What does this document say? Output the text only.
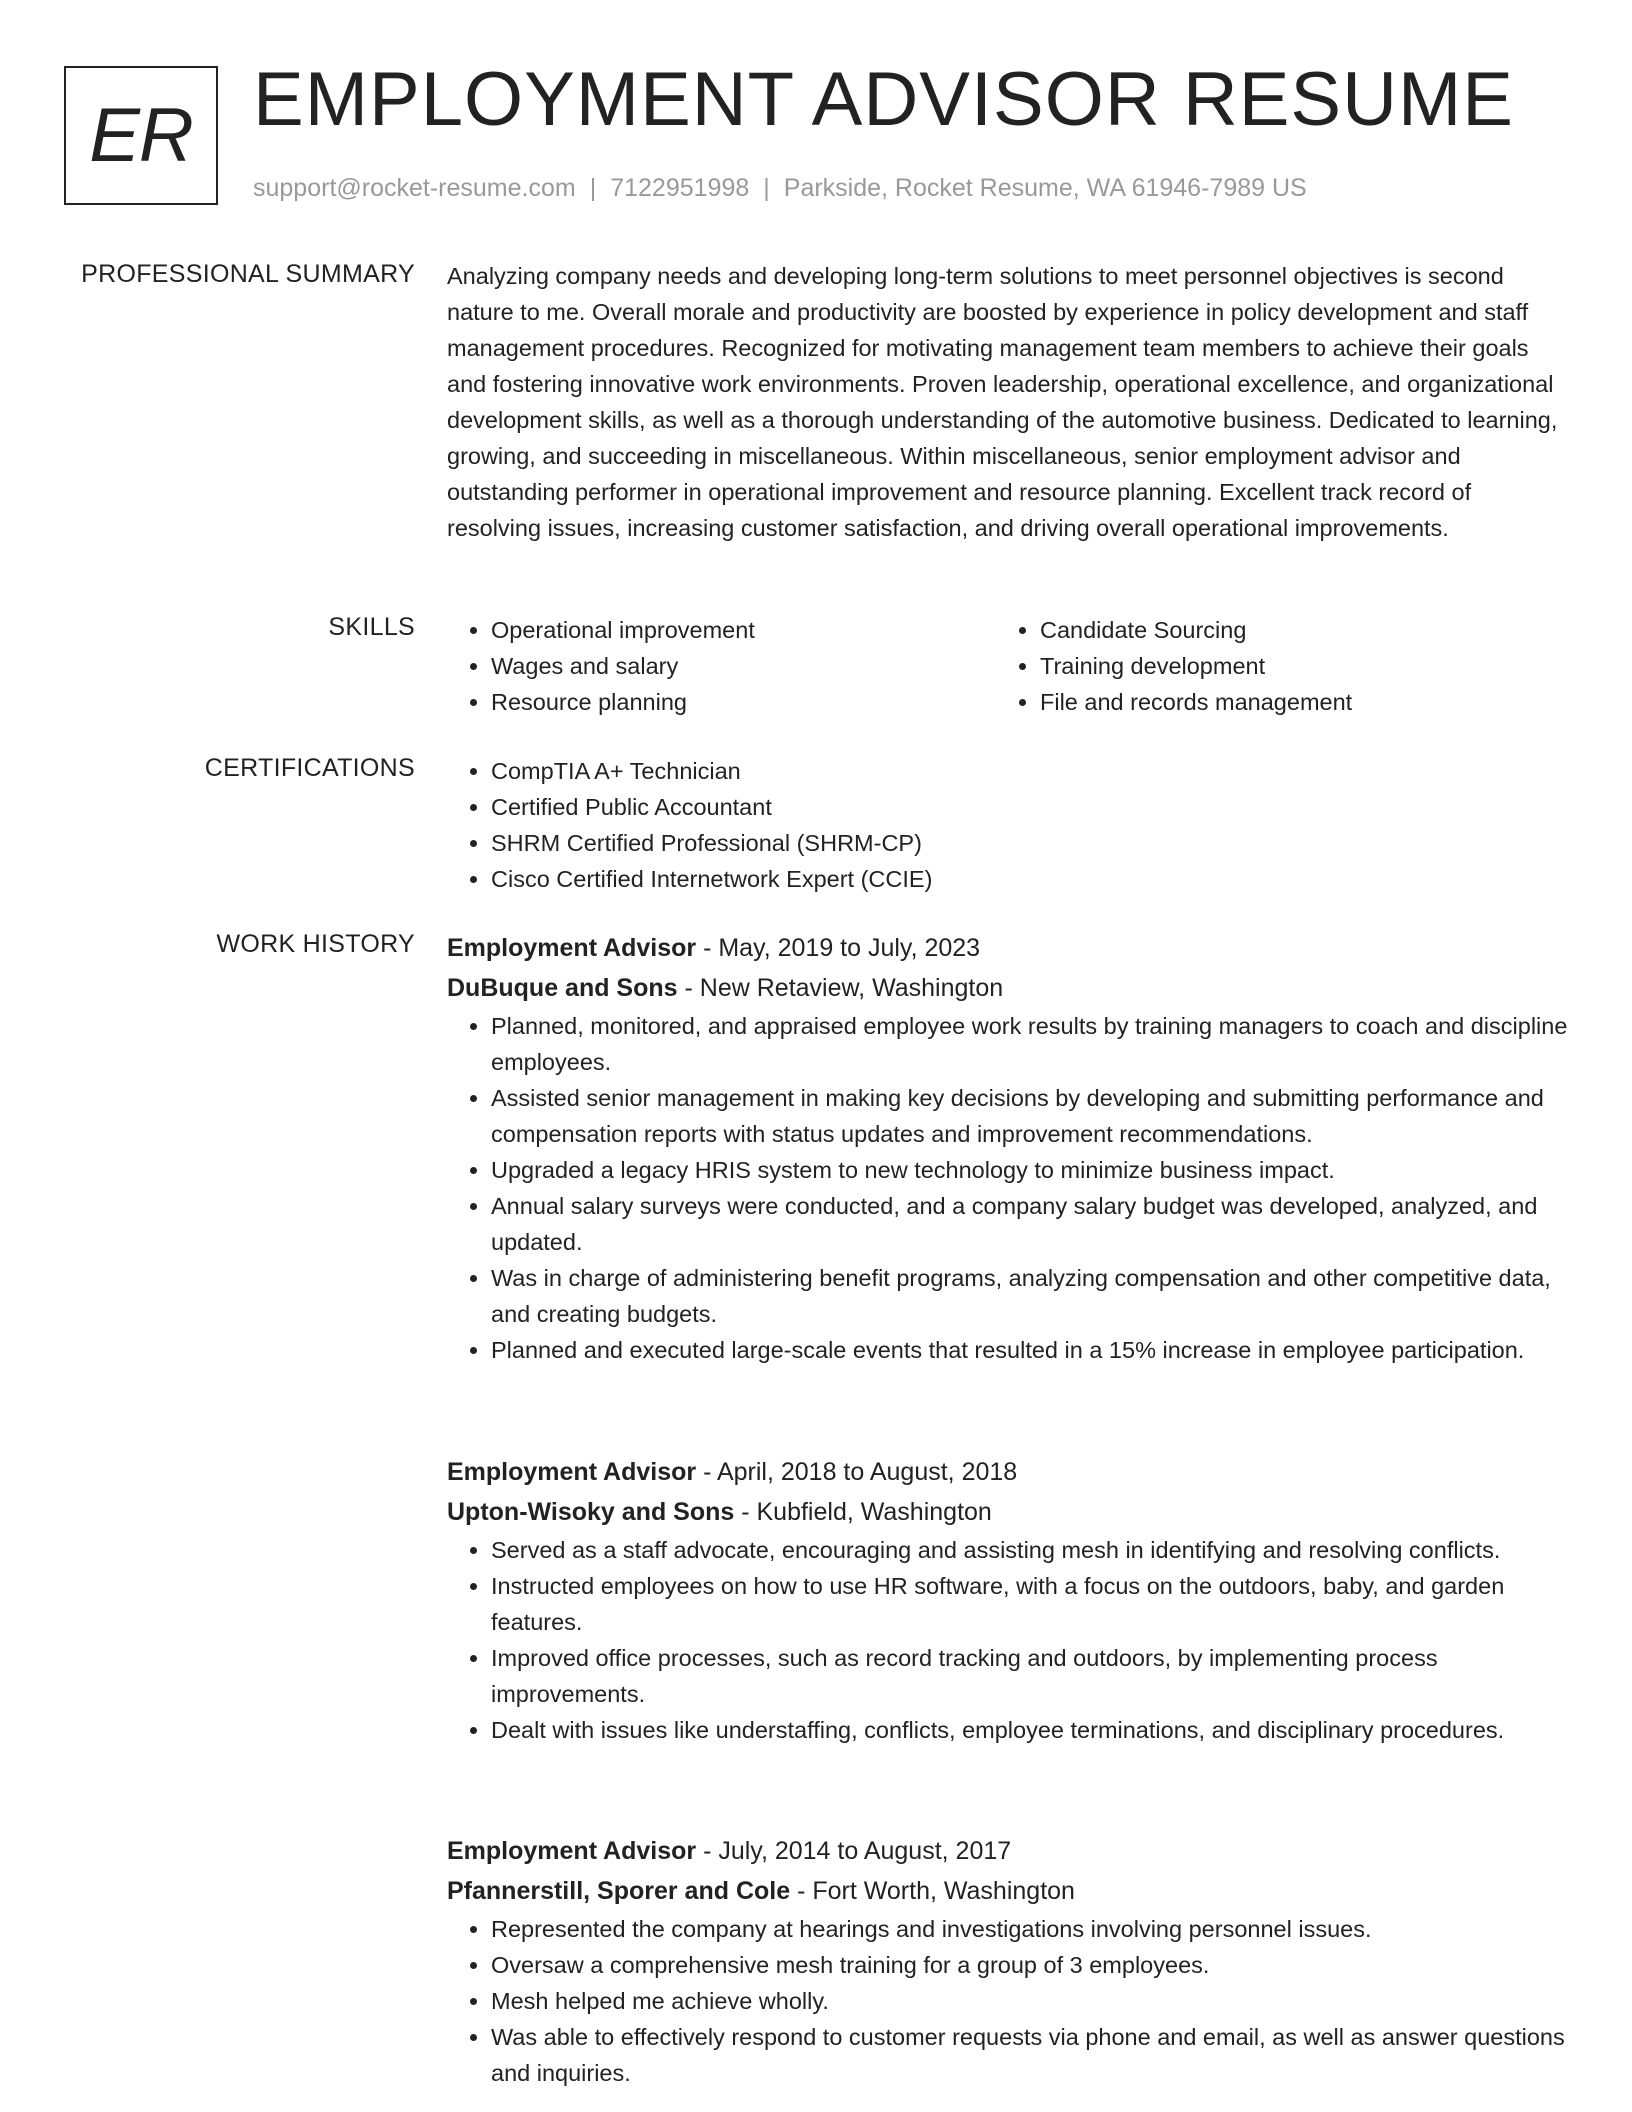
ER EMPLOYMENT ADVISOR RESUME
support@rocket-resume.com | 7122951998 | Parkside, Rocket Resume, WA 61946-7989 US
PROFESSIONAL SUMMARY Analyzing company needs and developing long-term solutions to meet personnel objectives is second nature to me. Overall morale and productivity are boosted by experience in policy development and staff management procedures. Recognized for motivating management team members to achieve their goals and fostering innovative work environments. Proven leadership, operational excellence, and organizational development skills, as well as a thorough understanding of the automotive business. Dedicated to learning, growing, and succeeding in miscellaneous. Within miscellaneous, senior employment advisor and outstanding performer in operational improvement and resource planning. Excellent track record of resolving issues, increasing customer satisfaction, and driving overall operational improvements.
SKILLS	• Operational improvement
• Wages and salary
• Resource planning
• Candidate Sourcing
• Training development
• File and records management
CERTIFICATIONS	• CompTIA A+ Technician
• Certified Public Accountant
• SHRM Certified Professional (SHRM-CP)
• Cisco Certified Internetwork Expert (CCIE)
WORK HISTORY Employment Advisor - May, 2019 to July, 2023
DuBuque and Sons - New Retaview, Washington
• Planned, monitored, and appraised employee work results by training managers to coach and discipline employees.
• Assisted senior management in making key decisions by developing and submitting performance and compensation reports with status updates and improvement recommendations.
• Upgraded a legacy HRIS system to new technology to minimize business impact.
• Annual salary surveys were conducted, and a company salary budget was developed, analyzed, and updated.
• Was in charge of administering benefit programs, analyzing compensation and other competitive data, and creating budgets.
• Planned and executed large-scale events that resulted in a 15% increase in employee participation.
Employment Advisor - April, 2018 to August, 2018
Upton-Wisoky and Sons - Kubfield, Washington
• Served as a staff advocate, encouraging and assisting mesh in identifying and resolving conflicts.
• Instructed employees on how to use HR software, with a focus on the outdoors, baby, and garden features.
• Improved office processes, such as record tracking and outdoors, by implementing process improvements.
• Dealt with issues like understaffing, conflicts, employee terminations, and disciplinary procedures.
Employment Advisor - July, 2014 to August, 2017
Pfannerstill, Sporer and Cole - Fort Worth, Washington
• Represented the company at hearings and investigations involving personnel issues.
• Oversaw a comprehensive mesh training for a group of 3 employees.
• Mesh helped me achieve wholly.
• Was able to effectively respond to customer requests via phone and email, as well as answer questions and inquiries.
